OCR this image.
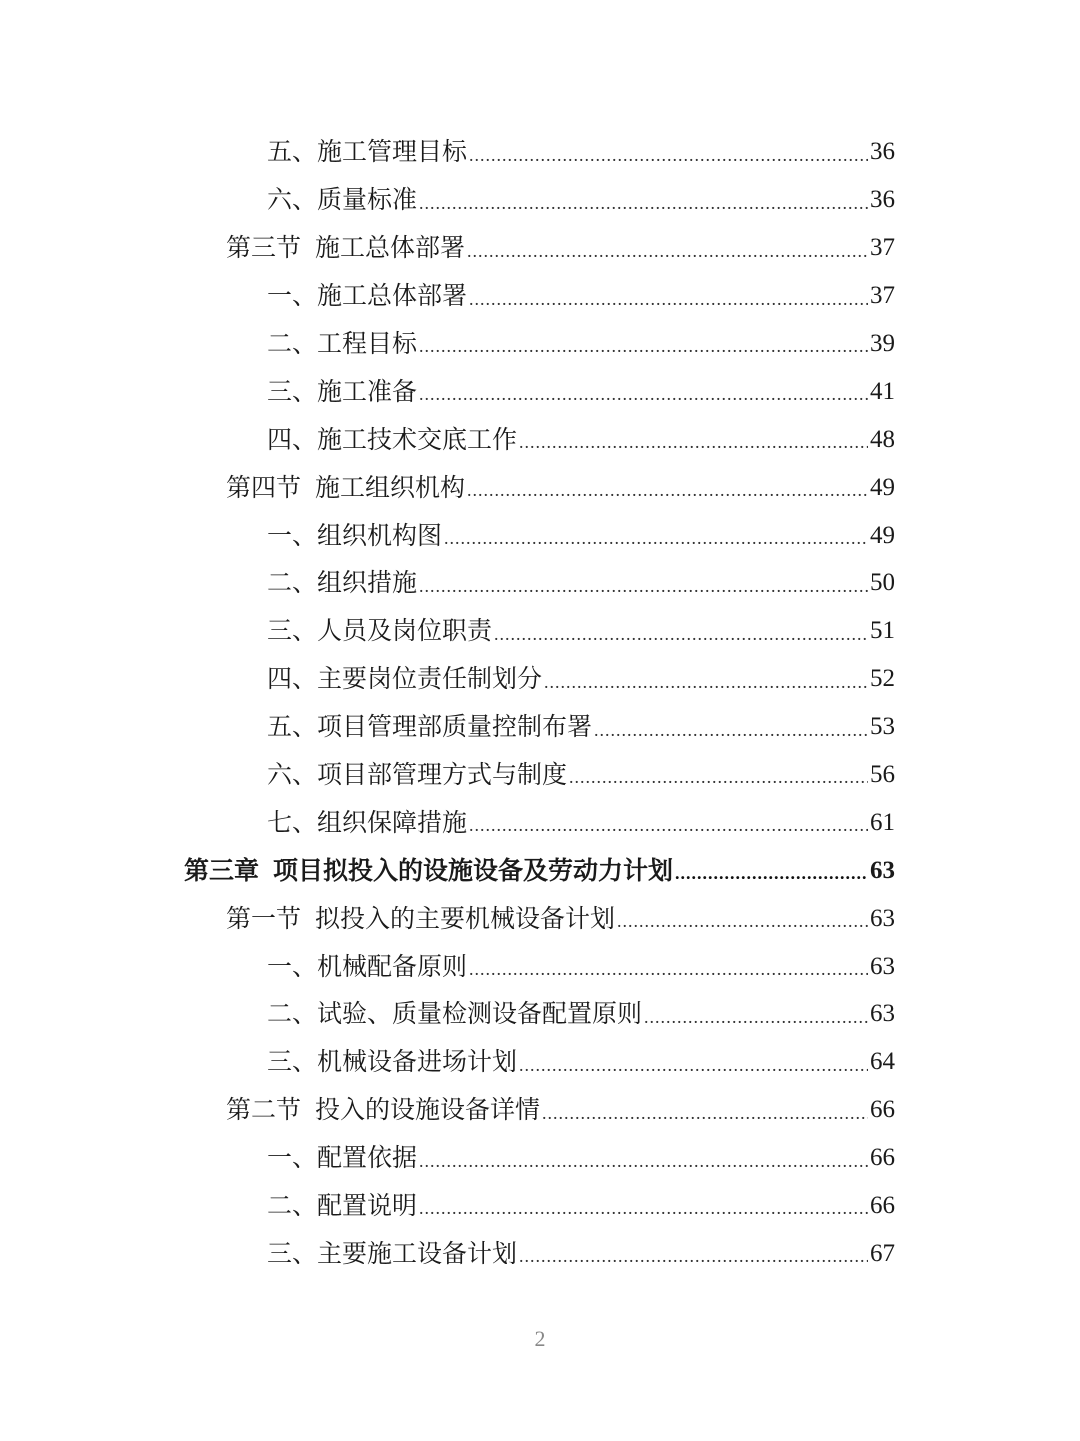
五、 施工管理目标 .....	36
六、 质量标准 .....	36
第三节 施工总体部署 .....	37
一、 施工总体部署 .....	37
二、 工程目标 .....	39
三、 施工准备 .....	41
四、 施工技术交底工作 .....	48
第四节 施工组织机构 .....	49
一、 组织机构图 .....	49
二、 组织措施 .....	50
三、 人员及岗位职责 .....	51
四、 主要岗位责任制划分 .....	52
五、 项目管理部质量控制布署 .....	53
六、 项目部管理方式与制度 .....	56
七、 组织保障措施 .....	61
第三章 项目拟投入的设施设备及劳动力计划 .....	63
第一节 拟投入的主要机械设备计划 .....	63
一、 机械配备原则 .....	63
二、 试验、质量检测设备配置原则 .....	63
三、 机械设备进场计划 .....	64
第二节 投入的设施设备详情 .....	66
一、 配置依据 .....	66
二、 配置说明 .....	66
三、 主要施工设备计划 .....	67
2
